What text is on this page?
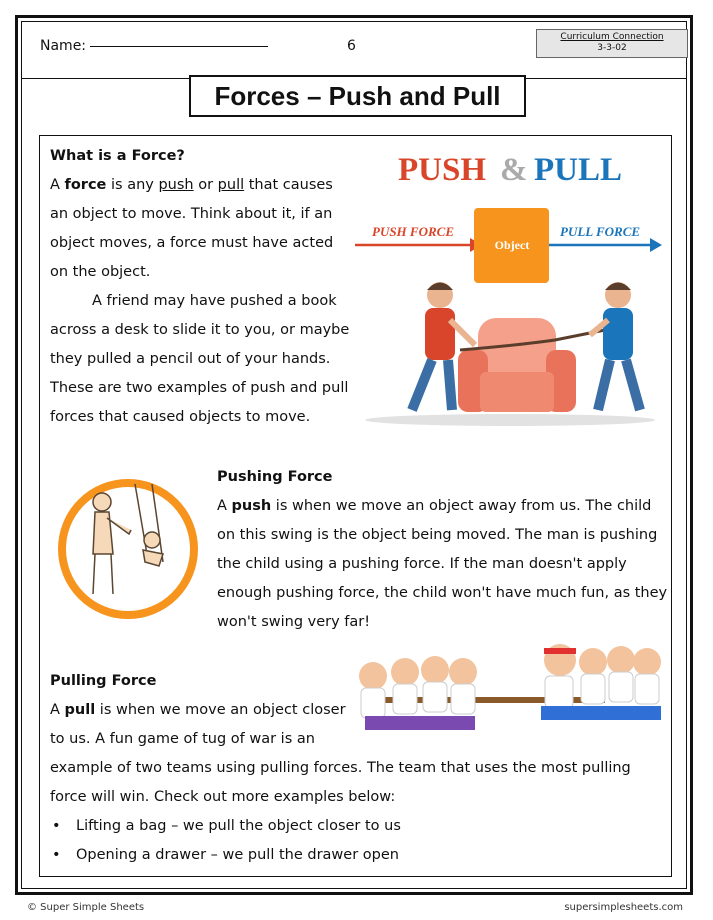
Name:	6
Curriculum Connection
3-3-02
Forces – Push and Pull
What is a Force?

A force is any push or pull that causes an object to move. Think about it, if an object moves, a force must have acted on the object.

A friend may have pushed a book across a desk to slide it to you, or maybe they pulled a pencil out of your hands. These are two examples of push and pull forces that caused objects to move.

PUSH & PULL
PUSH FORCE
Object
PULL FORCE
Pushing Force

A push is when we move an object away from us. The child on this swing is the object being moved. The man is pushing the child using a pushing force. If the man doesn't apply enough pushing force, the child won't have much fun, as they won't swing very far!

Pulling Force

A pull is when we move an object closer to us. A fun game of tug of war is an

example of two teams using pulling forces. The team that uses the most pulling force will win. Check out more examples below:

• Lifting a bag – we pull the object closer to us
• Opening a drawer – we pull the drawer open
© Super Simple Sheets	supersimplesheets.com
